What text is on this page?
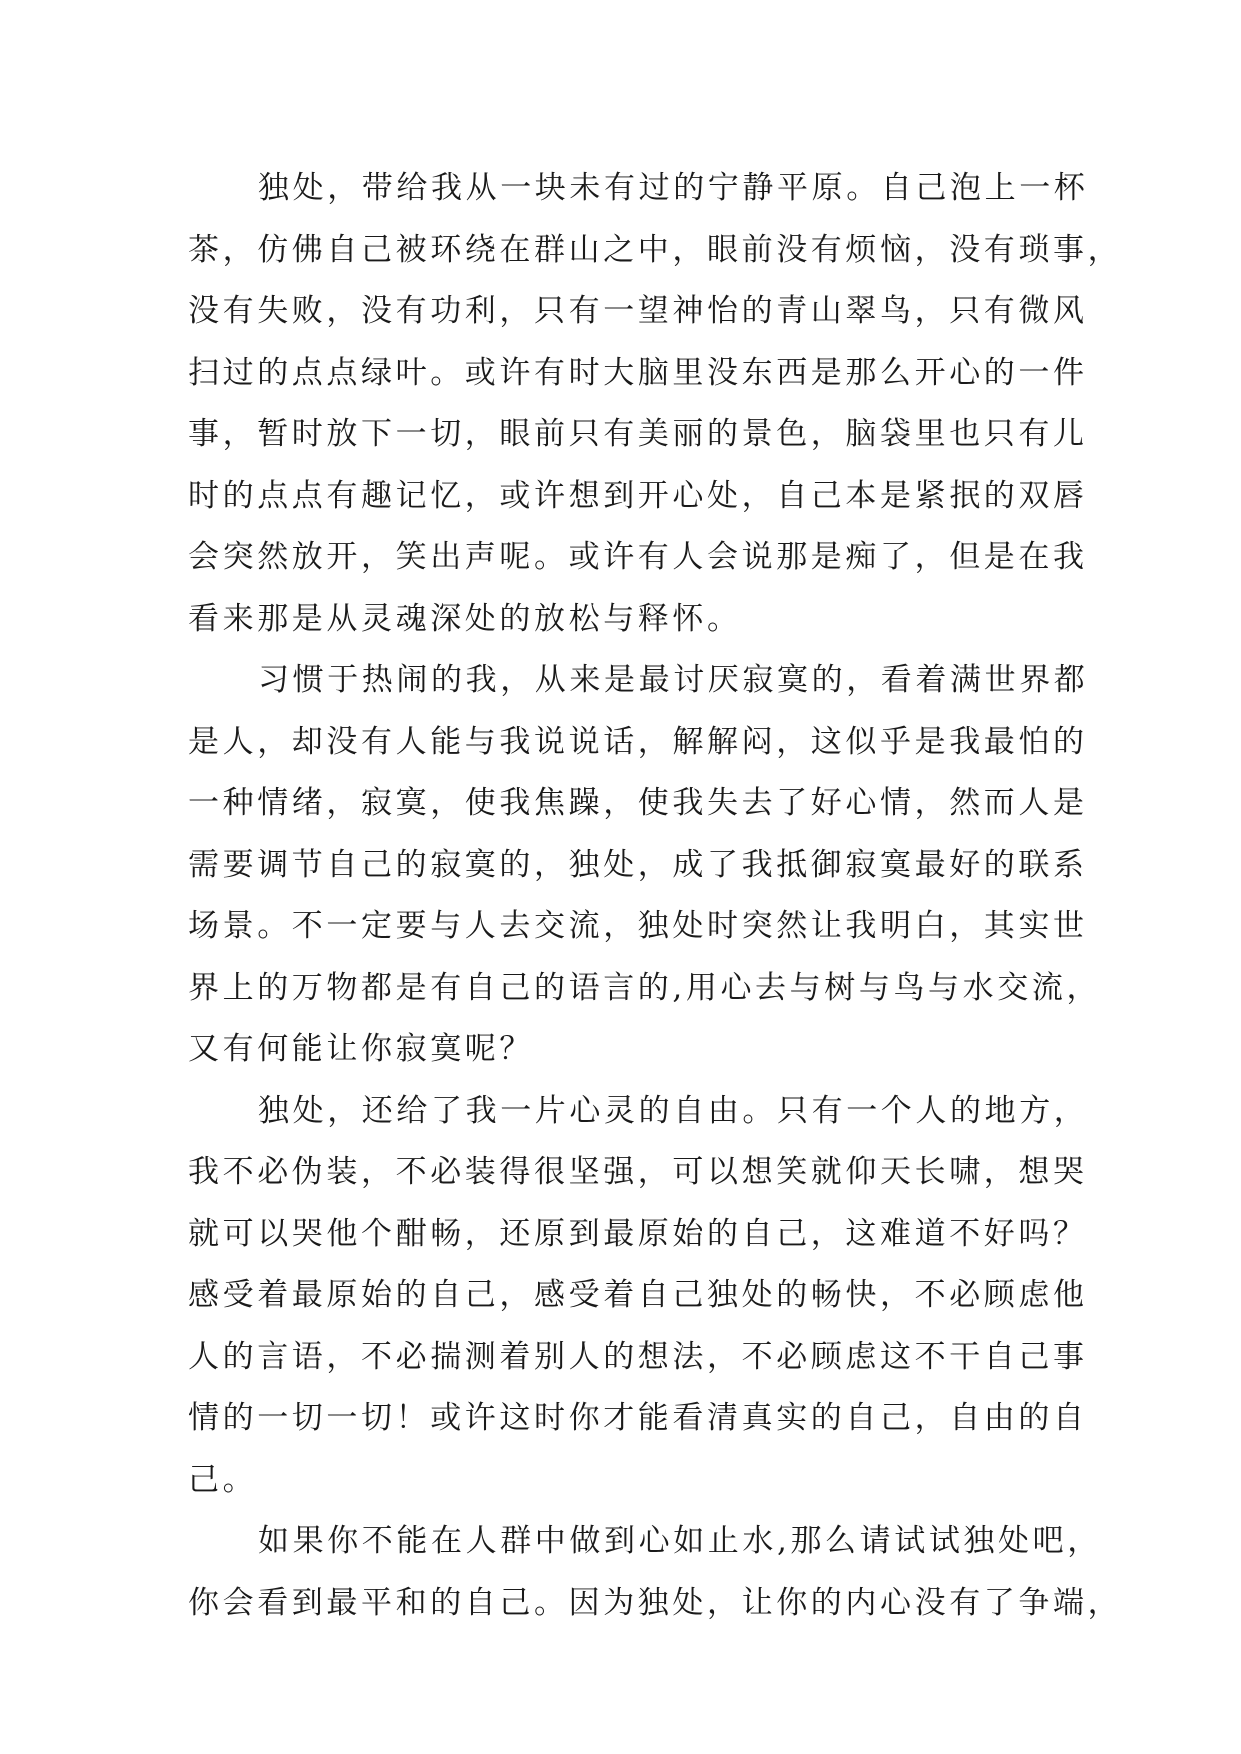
独处，带给我从一块未有过的宁静平原。自己泡上一杯
茶，仿佛自己被环绕在群山之中，眼前没有烦恼，没有琐事，
没有失败，没有功利，只有一望神怡的青山翠鸟，只有微风
扫过的点点绿叶。或许有时大脑里没东西是那么开心的一件
事，暂时放下一切，眼前只有美丽的景色，脑袋里也只有儿
时的点点有趣记忆，或许想到开心处，自己本是紧抿的双唇
会突然放开，笑出声呢。或许有人会说那是痴了，但是在我
看来那是从灵魂深处的放松与释怀。
习惯于热闹的我，从来是最讨厌寂寞的，看着满世界都
是人，却没有人能与我说说话，解解闷，这似乎是我最怕的
一种情绪，寂寞，使我焦躁，使我失去了好心情，然而人是
需要调节自己的寂寞的，独处，成了我抵御寂寞最好的联系
场景。不一定要与人去交流，独处时突然让我明白，其实世
界上的万物都是有自己的语言的,用心去与树与鸟与水交流，
又有何能让你寂寞呢？
独处，还给了我一片心灵的自由。只有一个人的地方，
我不必伪装，不必装得很坚强，可以想笑就仰天长啸，想哭
就可以哭他个酣畅，还原到最原始的自己，这难道不好吗？
感受着最原始的自己，感受着自己独处的畅快，不必顾虑他
人的言语，不必揣测着别人的想法，不必顾虑这不干自己事
情的一切一切！或许这时你才能看清真实的自己，自由的自
己。
如果你不能在人群中做到心如止水,那么请试试独处吧，
你会看到最平和的自己。因为独处，让你的内心没有了争端，
